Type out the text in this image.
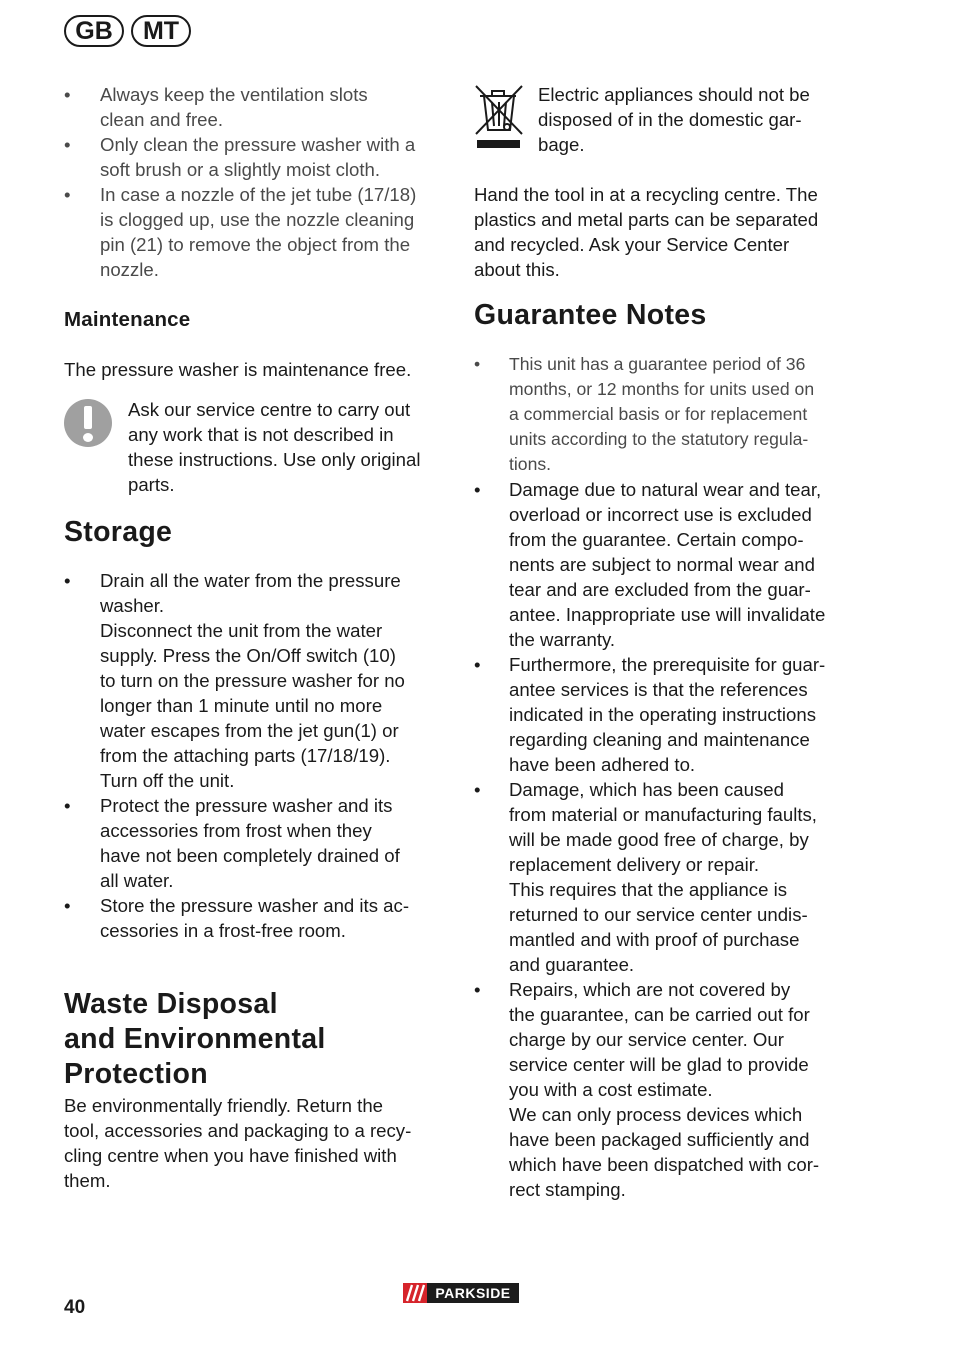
GB	MT
• Always keep the ventilation slots
clean and free.
• Only clean the pressure washer with a
soft brush or a slightly moist cloth.
• In case a nozzle of the jet tube (17/18)
is clogged up, use the nozzle cleaning
pin (21) to remove the object from the
nozzle.
Maintenance

The pressure washer is maintenance free.

Ask our service centre to carry out
any work that is not described in
these instructions. Use only original
parts.

Storage
• Drain all the water from the pressure
washer.
Disconnect the unit from the water
supply. Press the On/Off switch (10)
to turn on the pressure washer for no
longer than 1 minute until no more
water escapes from the jet gun(1) or
from the attaching parts (17/18/19).
Turn off the unit.
• Protect the pressure washer and its
accessories from frost when they
have not been completely drained of
all water.
• Store the pressure washer and its ac-
cessories in a frost-free room.
Waste Disposal
and Environmental
Protection

Be environmentally friendly. Return the
tool, accessories and packaging to a recy-
cling centre when you have finished with
them.

Electric appliances should not be
disposed of in the domestic gar-
bage.

Hand the tool in at a recycling centre. The
plastics and metal parts can be separated
and recycled. Ask your Service Center
about this.

Guarantee Notes
• This unit has a guarantee period of 36
months, or 12 months for units used on
a commercial basis or for replacement
units according to the statutory regula-
tions.
• Damage due to natural wear and tear,
overload or incorrect use is excluded
from the guarantee. Certain compo-
nents are subject to normal wear and
tear and are excluded from the guar-
antee. Inappropriate use will invalidate
the warranty.
• Furthermore, the prerequisite for guar-
antee services is that the references
indicated in the operating instructions
regarding cleaning and maintenance
have been adhered to.
• Damage, which has been caused
from material or manufacturing faults,
will be made good free of charge, by
replacement delivery or repair.
This requires that the appliance is
returned to our service center undis-
mantled and with proof of purchase
and guarantee.
• Repairs, which are not covered by
the guarantee, can be carried out for
charge by our service center. Our
service center will be glad to provide
you with a cost estimate.
We can only process devices which
have been packaged sufficiently and
which have been dispatched with cor-
rect stamping.
40
PARKSIDE
